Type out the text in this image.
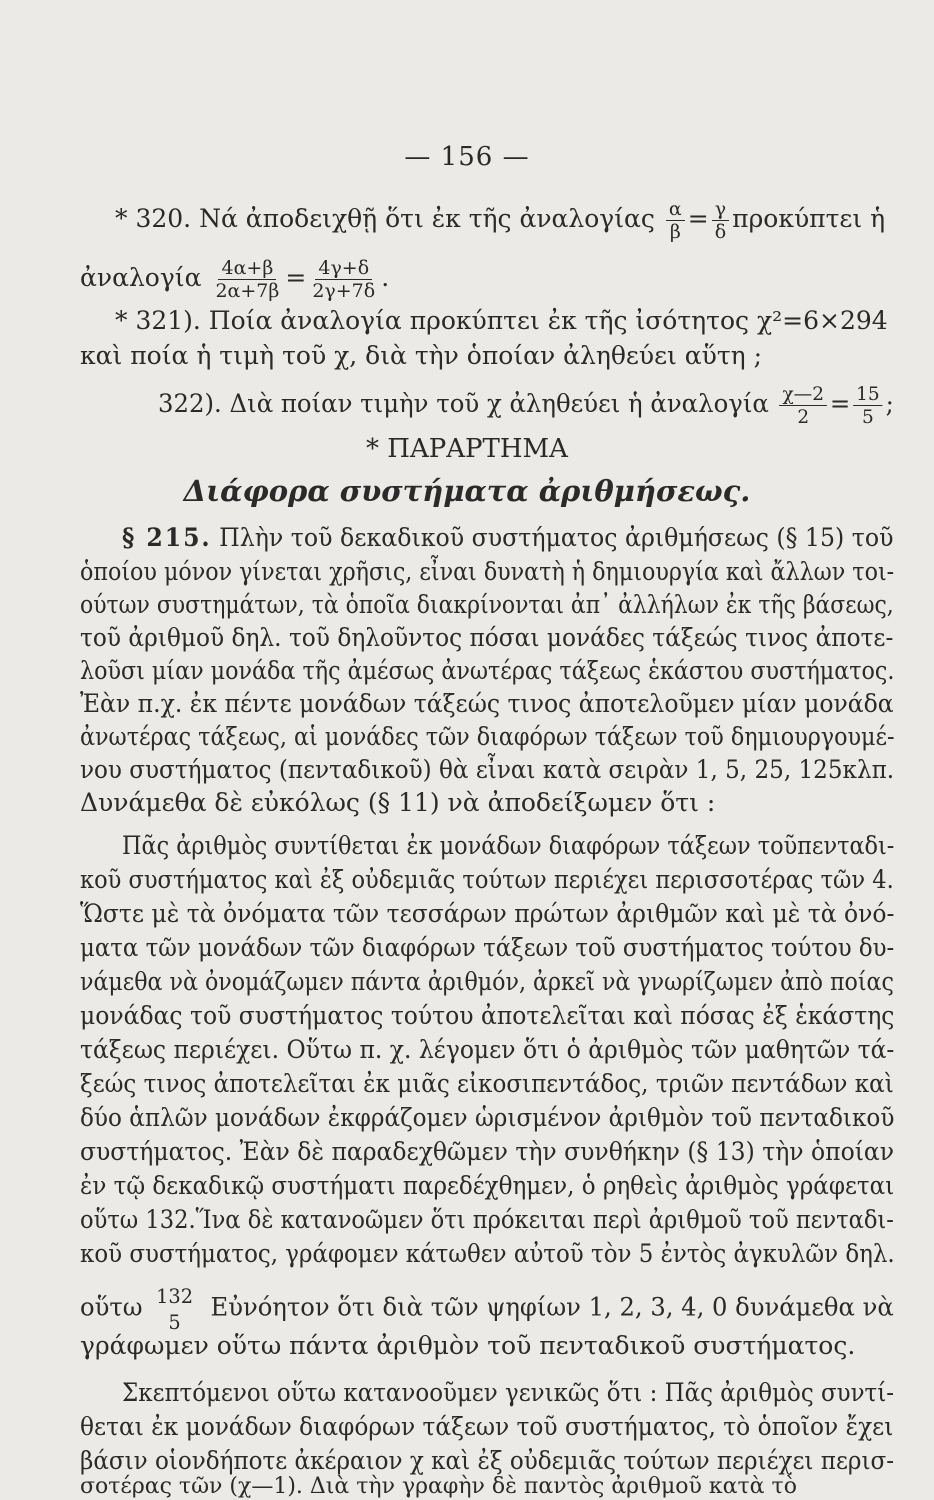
— 156 —
* 320. Νά ἀποδειχθῇ ὅτι ἐκ τῆς ἀναλογίας $\frac{\alpha}{\beta} = \frac{\gamma}{\delta}$ προκύπτει ἡ
ἀναλογία $\frac{4\alpha+\beta}{2\alpha+7\beta} = \frac{4\gamma+\delta}{2\gamma+7\delta}$ .
* 321). Ποία ἀναλογία προκύπτει ἐκ τῆς ἰσότητος χ²=6×294
καὶ ποία ἡ τιμὴ τοῦ χ, διὰ τὴν ὁποίαν ἀληθεύει αὕτη ;
322). Διὰ ποίαν τιμὴν τοῦ χ ἀληθεύει ἡ ἀναλογία $\frac{\chi—2}{2} = \frac{15}{5}$ ;
* ΠΑΡΑΡΤΗΜΑ
Διάφορα συστήματα ἀριθμήσεως.
§ 215. Πλὴν τοῦ δεκαδικοῦ συστήματος ἀριθμήσεως (§ 15) τοῦ
ὁποίου μόνον γίνεται χρῆσις, εἶναι δυνατὴ ἡ δημιουργία καὶ ἄλλων τοι-
ούτων συστημάτων, τὰ ὁποῖα διακρίνονται ἀπ᾽ ἀλλήλων ἐκ τῆς βάσεως,
τοῦ ἀριθμοῦ δηλ. τοῦ δηλοῦντος πόσαι μονάδες τάξεώς τινος ἀποτε-
λοῦσι μίαν μονάδα τῆς ἀμέσως ἀνωτέρας τάξεως ἑκάστου συστήματος.
Ἐὰν π.χ. ἐκ πέντε μονάδων τάξεώς τινος ἀποτελοῦμεν μίαν μονάδα
ἀνωτέρας τάξεως, αἱ μονάδες τῶν διαφόρων τάξεων τοῦ δημιουργουμέ-
νου συστήματος (πενταδικοῦ) θὰ εἶναι κατὰ σειρὰν 1, 5, 25, 125κλπ.
Δυνάμεθα δὲ εὐκόλως (§ 11) νὰ ἀποδείξωμεν ὅτι :
Πᾶς ἀριθμὸς συντίθεται ἐκ μονάδων διαφόρων τάξεων τοῦπενταδι-
κοῦ συστήματος καὶ ἐξ οὐδεμιᾶς τούτων περιέχει περισσοτέρας τῶν 4.
Ὥστε μὲ τὰ ὀνόματα τῶν τεσσάρων πρώτων ἀριθμῶν καὶ μὲ τὰ ὀνό-
ματα τῶν μονάδων τῶν διαφόρων τάξεων τοῦ συστήματος τούτου δυ-
νάμεθα νὰ ὀνομάζωμεν πάντα ἀριθμόν, ἀρκεῖ νὰ γνωρίζωμεν ἀπὸ ποίας
μονάδας τοῦ συστήματος τούτου ἀποτελεῖται καὶ πόσας ἐξ ἑκάστης
τάξεως περιέχει. Οὕτω π. χ. λέγομεν ὅτι ὁ ἀριθμὸς τῶν μαθητῶν τά-
ξεώς τινος ἀποτελεῖται ἐκ μιᾶς εἰκοσιπεντάδος, τριῶν πεντάδων καὶ
δύο ἁπλῶν μονάδων ἐκφράζομεν ὡρισμένον ἀριθμὸν τοῦ πενταδικοῦ
συστήματος. Ἐὰν δὲ παραδεχθῶμεν τὴν συνθήκην (§ 13) τὴν ὁποίαν
ἐν τῷ δεκαδικῷ συστήματι παρεδέχθημεν, ὁ ρηθεὶς ἀριθμὸς γράφεται
οὕτω 132.Ἵνα δὲ κατανοῶμεν ὅτι πρόκειται περὶ ἀριθμοῦ τοῦ πενταδι-
κοῦ συστήματος, γράφομεν κάτωθεν αὐτοῦ τὸν 5 ἐντὸς ἀγκυλῶν δηλ.
οὕτω 132
5
Εὐνόητον ὅτι διὰ τῶν ψηφίων 1, 2, 3, 4, 0 δυνάμεθα νὰ
γράφωμεν οὕτω πάντα ἀριθμὸν τοῦ πενταδικοῦ συστήματος.
Σκεπτόμενοι οὕτω κατανοοῦμεν γενικῶς ὅτι : Πᾶς ἀριθμὸς συντί-
θεται ἐκ μονάδων διαφόρων τάξεων τοῦ συστήματος, τὸ ὁποῖον ἔχει
βάσιν οἱονδήποτε ἀκέραιον χ καὶ ἐξ οὐδεμιᾶς τούτων περιέχει περισ-
σοτέρας τῶν (χ—1). Διὰ τὴν γραφὴν δὲ παντὸς ἀριθμοῦ κατὰ τὸ
